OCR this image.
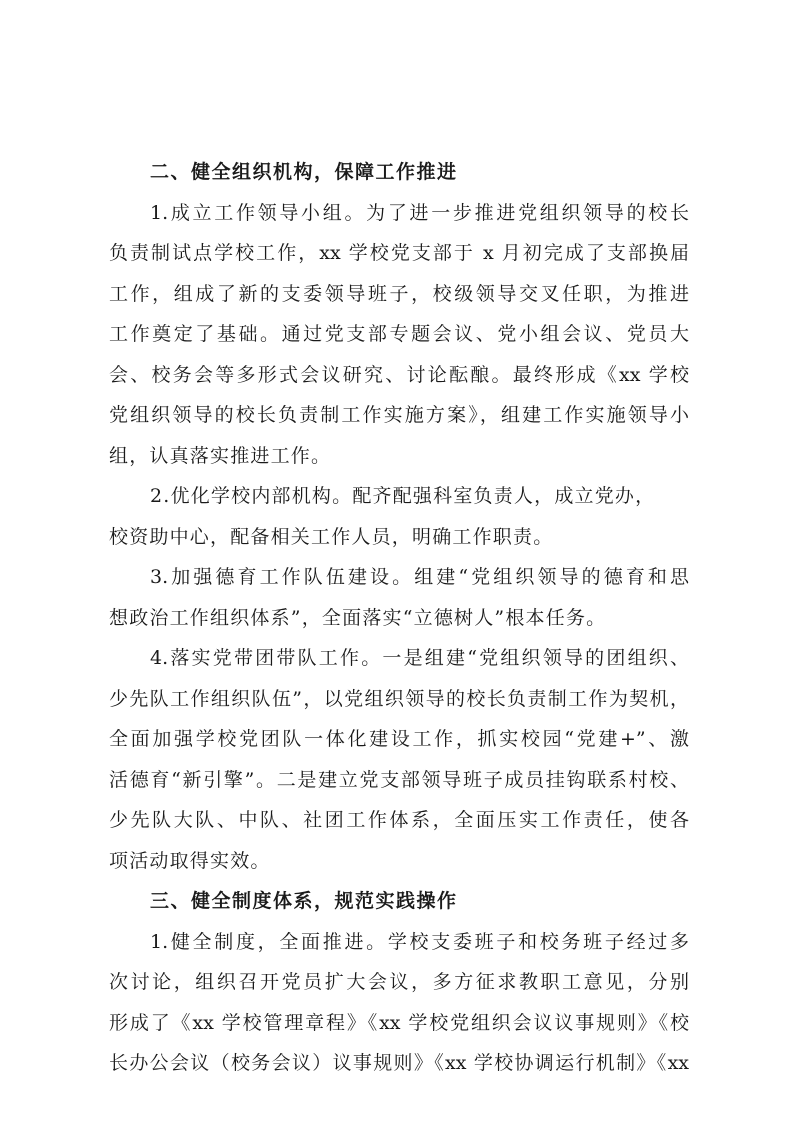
二、健全组织机构，保障工作推进
1.成立工作领导小组。为了进一步推进党组织领导的校长
负责制试点学校工作，xx 学校党支部于 x 月初完成了支部换届
工作，组成了新的支委领导班子，校级领导交叉任职，为推进
工作奠定了基础。通过党支部专题会议、党小组会议、党员大
会、校务会等多形式会议研究、讨论酝酿。最终形成《xx 学校
党组织领导的校长负责制工作实施方案》，组建工作实施领导小
组，认真落实推进工作。
2.优化学校内部机构。配齐配强科室负责人，成立党办，
校资助中心，配备相关工作人员，明确工作职责。
3.加强德育工作队伍建设。组建“党组织领导的德育和思
想政治工作组织体系”，全面落实“立德树人”根本任务。
4.落实党带团带队工作。一是组建“党组织领导的团组织、
少先队工作组织队伍”，以党组织领导的校长负责制工作为契机，
全面加强学校党团队一体化建设工作，抓实校园“党建+”、激
活德育“新引擎”。二是建立党支部领导班子成员挂钩联系村校、
少先队大队、中队、社团工作体系，全面压实工作责任，使各
项活动取得实效。
三、健全制度体系，规范实践操作
1.健全制度，全面推进。学校支委班子和校务班子经过多
次讨论，组织召开党员扩大会议，多方征求教职工意见，分别
形成了《xx 学校管理章程》《xx 学校党组织会议议事规则》《校
长办公会议（校务会议）议事规则》《xx 学校协调运行机制》《xx
